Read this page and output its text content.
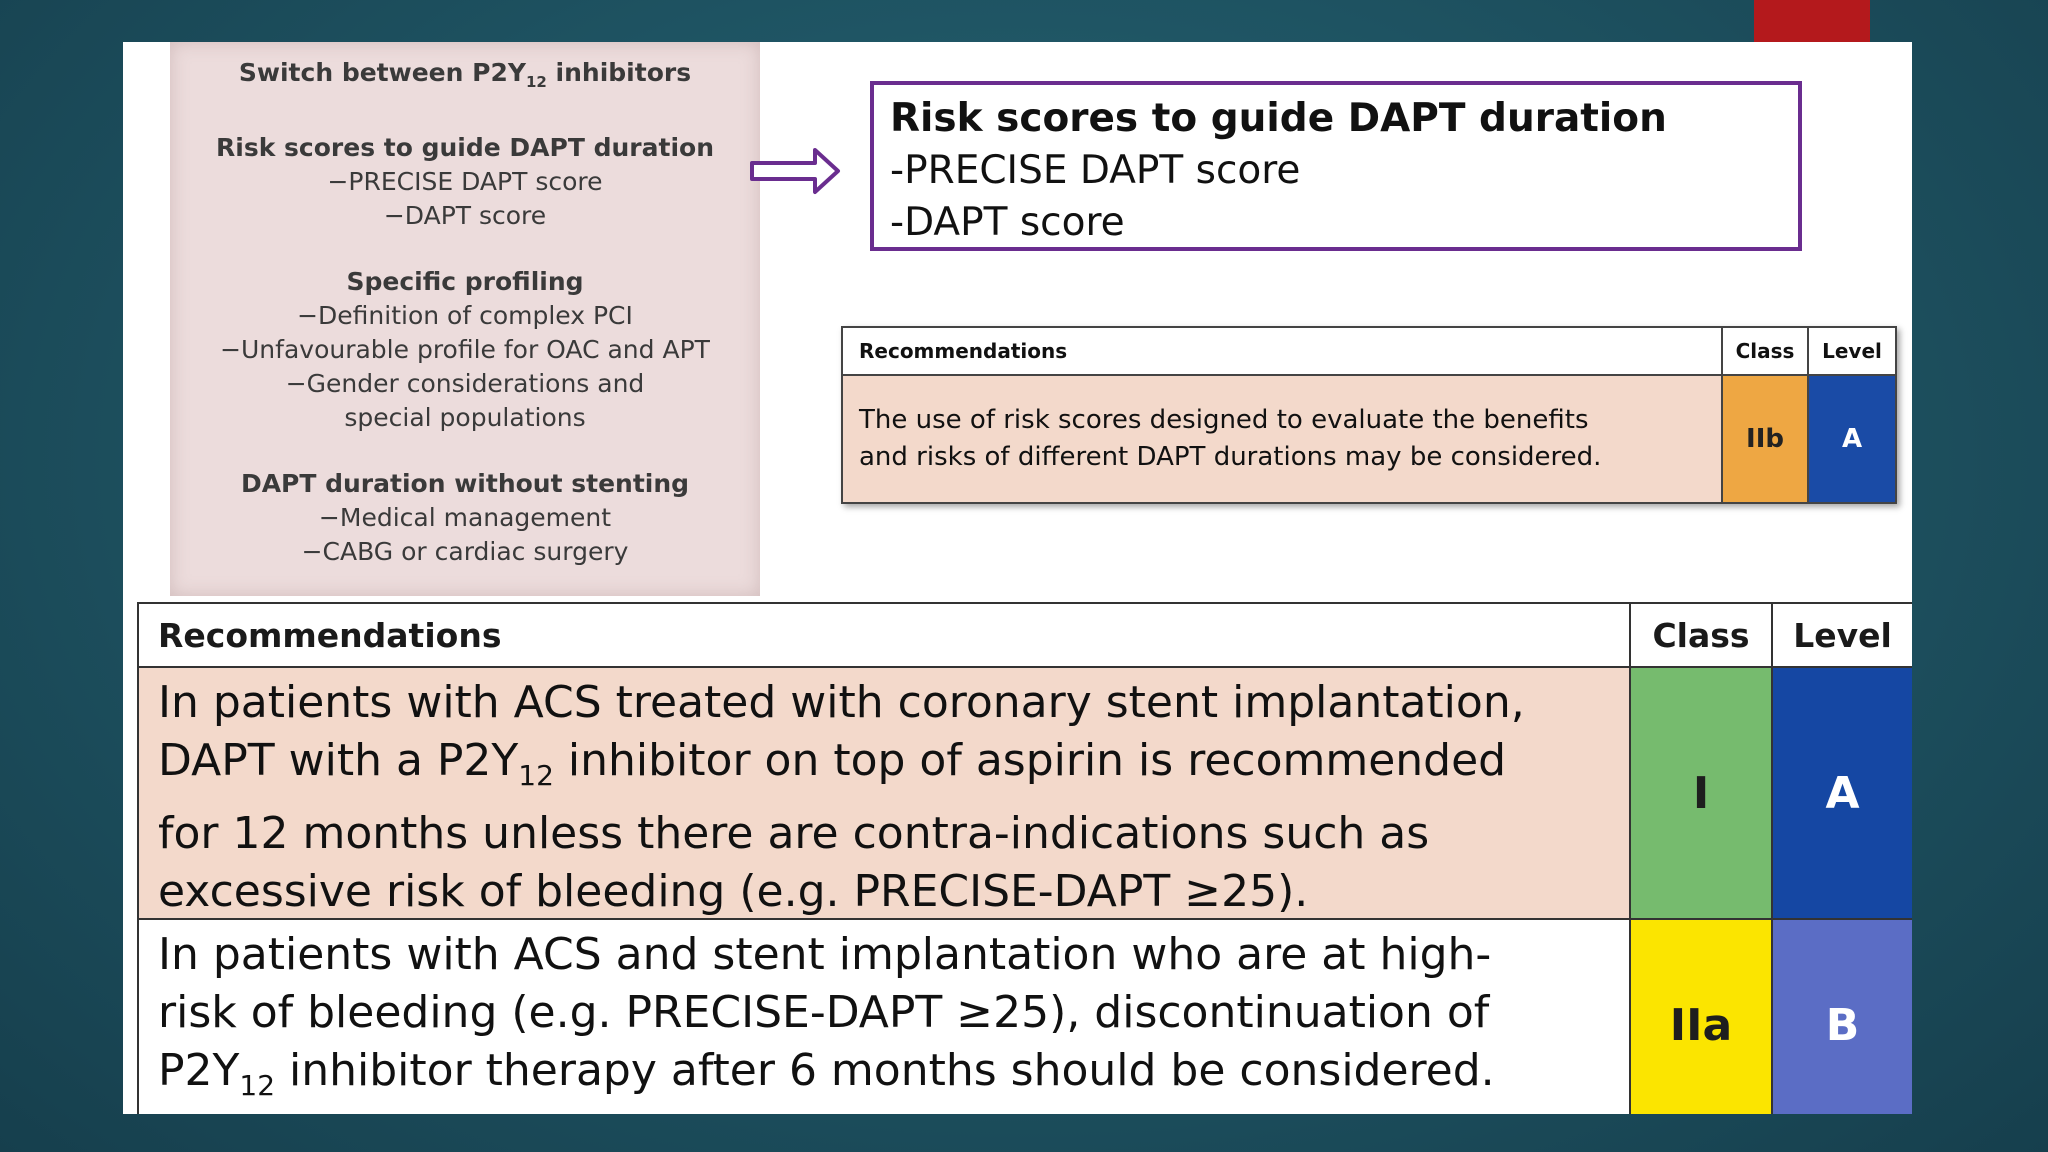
Switch between $P2Y_{12}$ inhibitors
Risk scores to guide DAPT duration
−PRECISE DAPT score
−DAPT score
Specific profiling
−Definition of complex PCI
−Unfavourable profile for OAC and APT
−Gender considerations and
special populations
DAPT duration without stenting
−Medical management
−CABG or cardiac surgery
Risk scores to guide DAPT duration
-PRECISE DAPT score
-DAPT score
Recommendations	Class	Level
The use of risk scores designed to evaluate the benefits
and risks of different DAPT durations may be considered.
IIb	A
Recommendations	Class	Level
In patients with ACS treated with coronary stent implantation,
DAPT with a $P2Y_{12}$ inhibitor on top of aspirin is recommended
for 12 months unless there are contra-indications such as
excessive risk of bleeding (e.g. PRECISE-DAPT ≥25).
I	A
In patients with ACS and stent implantation who are at high-
risk of bleeding (e.g. PRECISE-DAPT ≥25), discontinuation of
$P2Y_{12}$ inhibitor therapy after 6 months should be considered.
IIa	B
